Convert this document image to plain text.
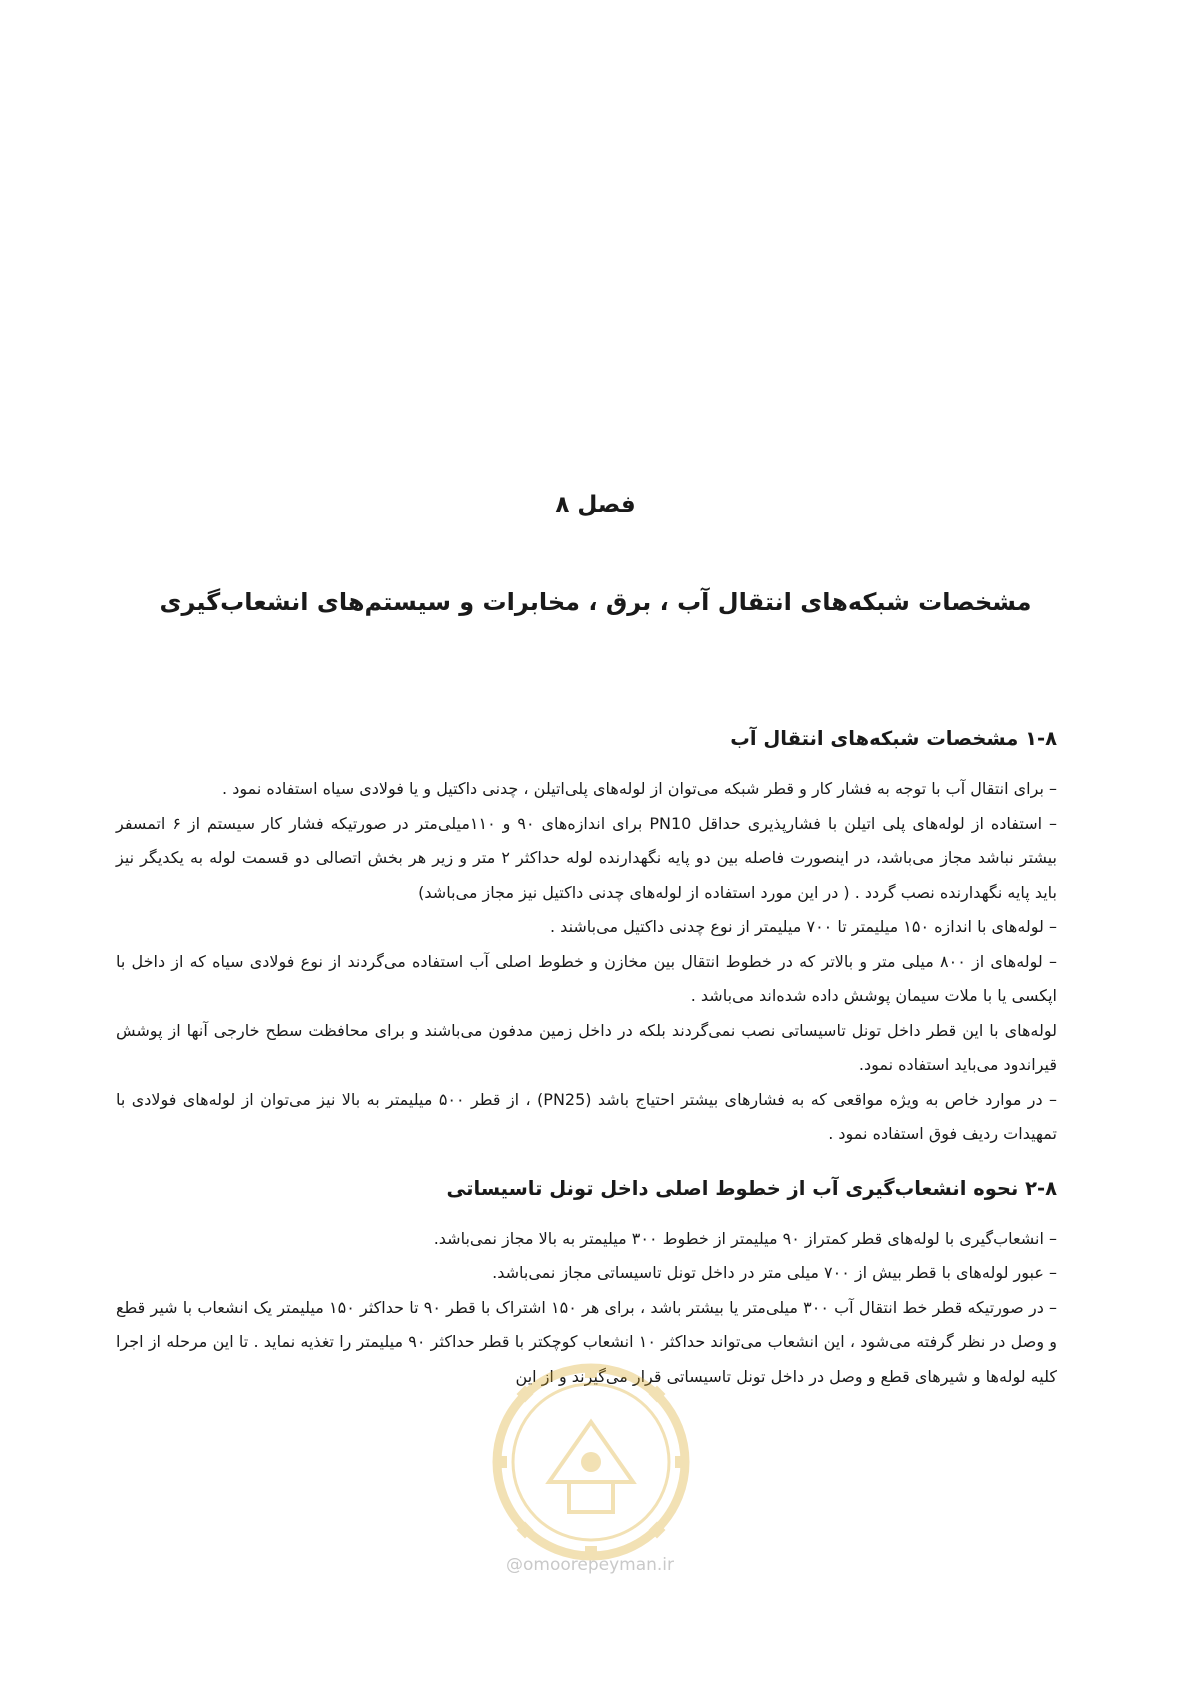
فصل ۸
مشخصات شبکه‌های انتقال آب ، برق ، مخابرات و سیستم‌های انشعاب‌گیری
۱-۸ مشخصات شبکه‌های انتقال آب

– برای انتقال آب با توجه به فشار کار و قطر شبکه می‌توان از لوله‌های پلی‌اتیلن ، چدنی داکتیل و یا فولادی سیاه استفاده نمود .

– استفاده از لوله‌های پلی اتیلن با فشارپذیری حداقل PN10 برای اندازه‌های ۹۰ و ۱۱۰میلی‌متر در صورتیکه فشار کار سیستم از ۶ اتمسفر بیشتر نباشد مجاز می‌باشد، در اینصورت فاصله بین دو پایه نگهدارنده لوله حداکثر ۲ متر و زیر هر بخش اتصالی دو قسمت لوله به یکدیگر نیز باید پایه نگهدارنده نصب گردد . ( در این مورد استفاده از لوله‌های چدنی داکتیل نیز مجاز می‌باشد)

– لوله‌های با اندازه ۱۵۰ میلیمتر تا ۷۰۰ میلیمتر از نوع چدنی داکتیل می‌باشند .

– لوله‌های از ۸۰۰ میلی متر و بالاتر که در خطوط انتقال بین مخازن و خطوط اصلی آب استفاده می‌گردند از نوع فولادی سیاه که از داخل با اپکسی یا با ملات سیمان پوشش داده شده‌اند می‌باشد .

لوله‌های با این قطر داخل تونل تاسیساتی نصب نمی‌گردند بلکه در داخل زمین مدفون می‌باشند و برای محافظت سطح خارجی آنها از پوشش قیراندود می‌باید استفاده نمود.

– در موارد خاص به ویژه مواقعی که به فشارهای بیشتر احتیاج باشد (PN25) ، از قطر ۵۰۰ میلیمتر به بالا نیز می‌توان از لوله‌های فولادی با تمهیدات ردیف فوق استفاده نمود .

۲-۸ نحوه انشعاب‌گیری آب از خطوط اصلی داخل تونل تاسیساتی

– انشعاب‌گیری با لوله‌های قطر کمتراز ۹۰ میلیمتر از خطوط ۳۰۰ میلیمتر به بالا مجاز نمی‌باشد.

– عبور لوله‌های با قطر بیش از ۷۰۰ میلی متر در داخل تونل تاسیساتی مجاز نمی‌باشد.

– در صورتیکه قطر خط انتقال آب ۳۰۰ میلی‌متر یا بیشتر باشد ، برای هر ۱۵۰ اشتراک با قطر ۹۰ تا حداکثر ۱۵۰ میلیمتر یک انشعاب با شیر قطع و وصل در نظر گرفته می‌شود ، این انشعاب می‌تواند حداکثر ۱۰ انشعاب کوچکتر با قطر حداکثر ۹۰ میلیمتر را تغذیه نماید . تا این مرحله از اجرا کلیه لوله‌ها و شیرهای قطع و وصل در داخل تونل تاسیساتی قرار می‌گیرند و از این

@omoorepeyman.ir
